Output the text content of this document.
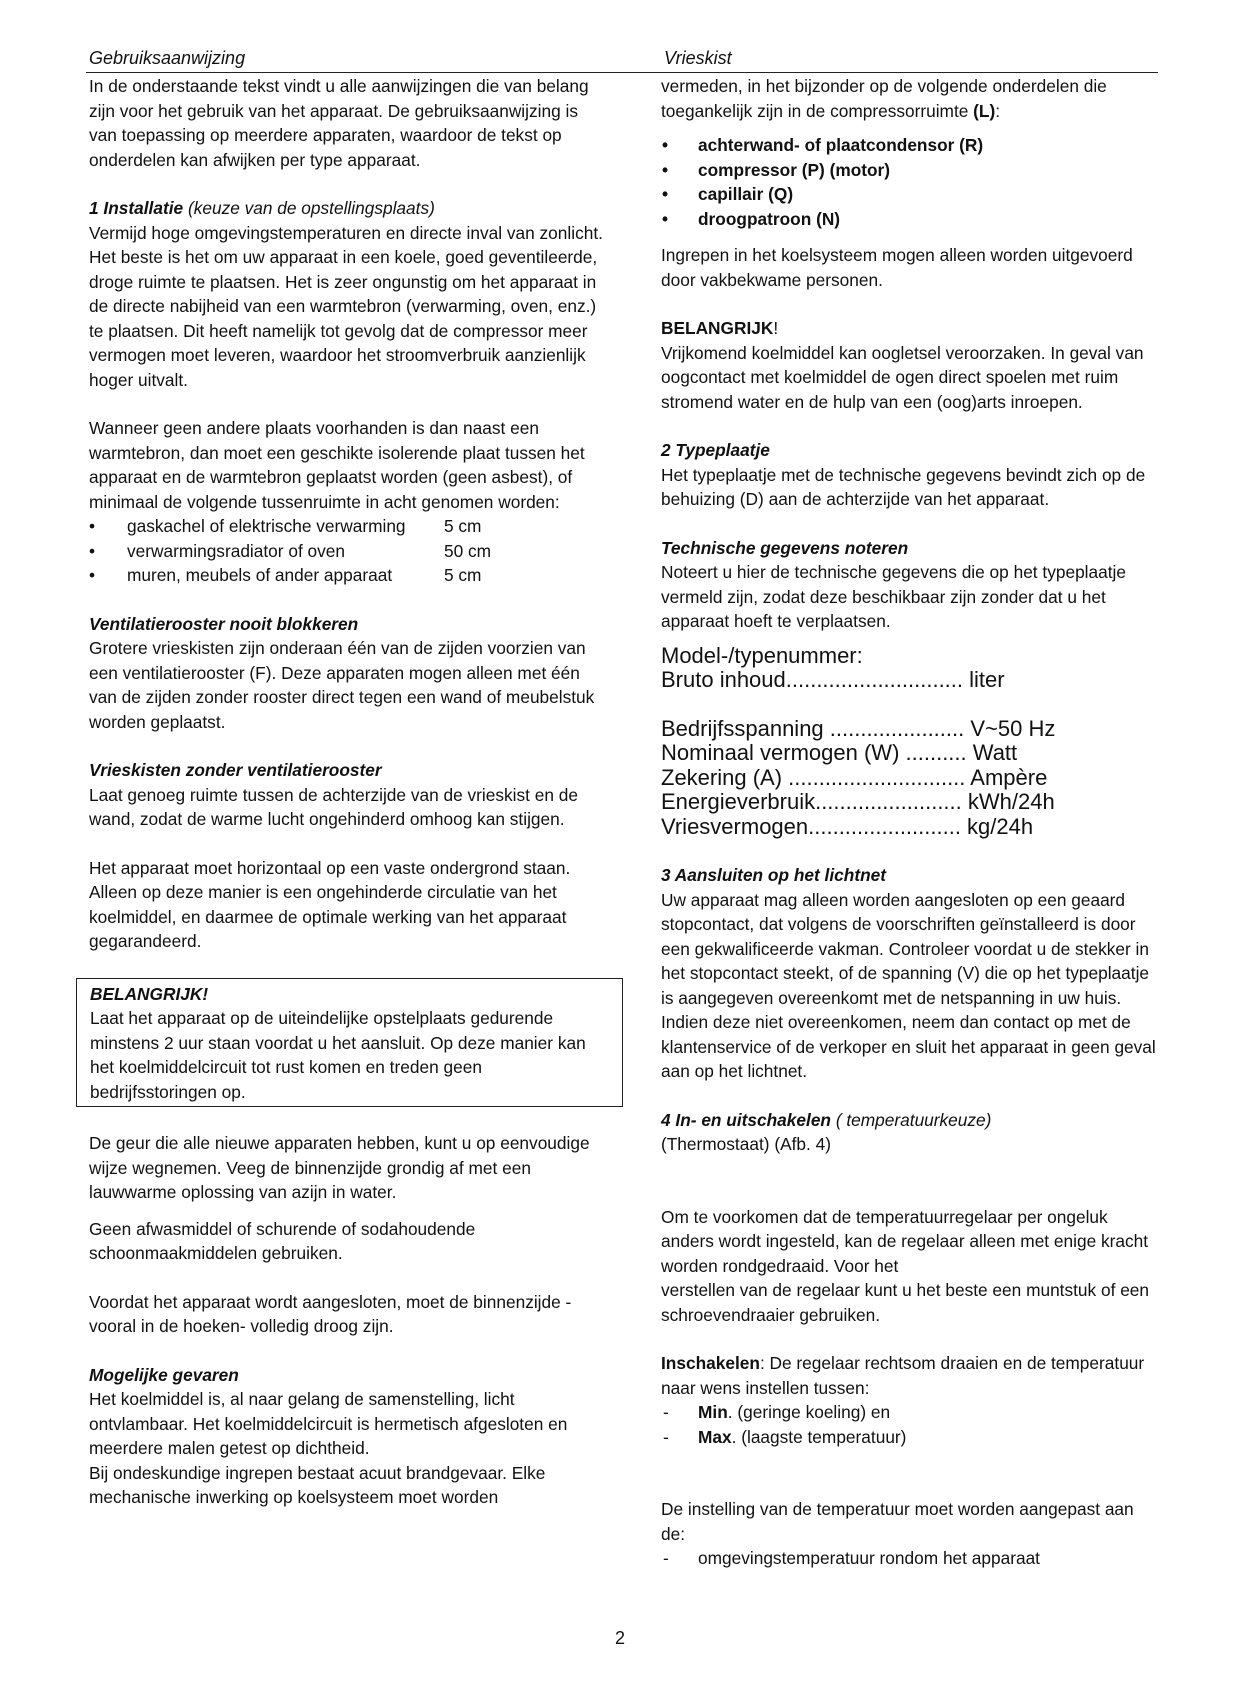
Gebruiksaanwijzing	Vrieskist

In de onderstaande tekst vindt u alle aanwijzingen die van belang zijn voor het gebruik van het apparaat. De gebruiksaanwijzing is van toepassing op meerdere apparaten, waardoor de tekst op onderdelen kan afwijken per type apparaat.

1 Installatie (keuze van de opstellingsplaats)

Vermijd hoge omgevingstemperaturen en directe inval van zonlicht. Het beste is het om uw apparaat in een koele, goed geventileerde, droge ruimte te plaatsen. Het is zeer ongunstig om het apparaat in de directe nabijheid van een warmtebron (verwarming, oven, enz.) te plaatsen. Dit heeft namelijk tot gevolg dat de compressor meer vermogen moet leveren, waardoor het stroomverbruik aanzienlijk hoger uitvalt.

Wanneer geen andere plaats voorhanden is dan naast een warmtebron, dan moet een geschikte isolerende plaat tussen het apparaat en de warmtebron geplaatst worden (geen asbest), of minimaal de volgende tussenruimte in acht genomen worden:

• gaskachel of elektrische verwarming 5 cm
• verwarmingsradiator of oven	50 cm
• muren, meubels of ander apparaat	5 cm

Ventilatierooster nooit blokkeren

Grotere vrieskisten zijn onderaan één van de zijden voorzien van een ventilatierooster (F). Deze apparaten mogen alleen met één van de zijden zonder rooster direct tegen een wand of meubelstuk worden geplaatst.

Vrieskisten zonder ventilatierooster

Laat genoeg ruimte tussen de achterzijde van de vrieskist en de wand, zodat de warme lucht ongehinderd omhoog kan stijgen.

Het apparaat moet horizontaal op een vaste ondergrond staan. Alleen op deze manier is een ongehinderde circulatie van het koelmiddel, en daarmee de optimale werking van het apparaat gegarandeerd.

BELANGRIJK!

Laat het apparaat op de uiteindelijke opstelplaats gedurende minstens 2 uur staan voordat u het aansluit. Op deze manier kan het koelmiddelcircuit tot rust komen en treden geen bedrijfsstoringen op.

De geur die alle nieuwe apparaten hebben, kunt u op eenvoudige wijze wegnemen. Veeg de binnenzijde grondig af met een lauwwarme oplossing van azijn in water.

Geen afwasmiddel of schurende of sodahoudende schoonmaakmiddelen gebruiken.

Voordat het apparaat wordt aangesloten, moet de binnenzijde -vooral in de hoeken- volledig droog zijn.

Mogelijke gevaren

Het koelmiddel is, al naar gelang de samenstelling, licht ontvlambaar. Het koelmiddelcircuit is hermetisch afgesloten en meerdere malen getest op dichtheid.

Bij ondeskundige ingrepen bestaat acuut brandgevaar. Elke mechanische inwerking op koelsysteem moet worden

vermeden, in het bijzonder op de volgende onderdelen die toegankelijk zijn in de compressorruimte (L):

• achterwand- of plaatcondensor (R)
• compressor (P) (motor)
• capillair (Q)
• droogpatroon (N)

Ingrepen in het koelsysteem mogen alleen worden uitgevoerd door vakbekwame personen.

BELANGRIJK!

Vrijkomend koelmiddel kan oogletsel veroorzaken. In geval van oogcontact met koelmiddel de ogen direct spoelen met ruim stromend water en de hulp van een (oog)arts inroepen.

2 Typeplaatje

Het typeplaatje met de technische gegevens bevindt zich op de behuizing (D) aan de achterzijde van het apparaat.

Technische gegevens noteren

Noteert u hier de technische gegevens die op het typeplaatje vermeld zijn, zodat deze beschikbaar zijn zonder dat u het apparaat hoeft te verplaatsen.

Model-/typenummer:
Bruto inhoud............................. liter
Bedrijfsspanning ...................... V~50 Hz
Nominaal vermogen (W) .......... Watt
Zekering (A) ............................. Ampère
Energieverbruik........................ kWh/24h
Vriesvermogen......................... kg/24h

3 Aansluiten op het lichtnet

Uw apparaat mag alleen worden aangesloten op een geaard stopcontact, dat volgens de voorschriften geïnstalleerd is door een gekwalificeerde vakman. Controleer voordat u de stekker in het stopcontact steekt, of de spanning (V) die op het typeplaatje is aangegeven overeenkomt met de netspanning in uw huis. Indien deze niet overeenkomen, neem dan contact op met de klantenservice of de verkoper en sluit het apparaat in geen geval aan op het lichtnet.

4 In- en uitschakelen ( temperatuurkeuze)

(Thermostaat) (Afb. 4)

Om te voorkomen dat de temperatuurregelaar per ongeluk anders wordt ingesteld, kan de regelaar alleen met enige kracht worden rondgedraaid. Voor het

verstellen van de regelaar kunt u het beste een muntstuk of een schroevendraaier gebruiken.

Inschakelen: De regelaar rechtsom draaien en de temperatuur naar wens instellen tussen:

- Min. (geringe koeling) en
- Max. (laagste temperatuur)

De instelling van de temperatuur moet worden aangepast aan de:

- omgevingstemperatuur rondom het apparaat
2
